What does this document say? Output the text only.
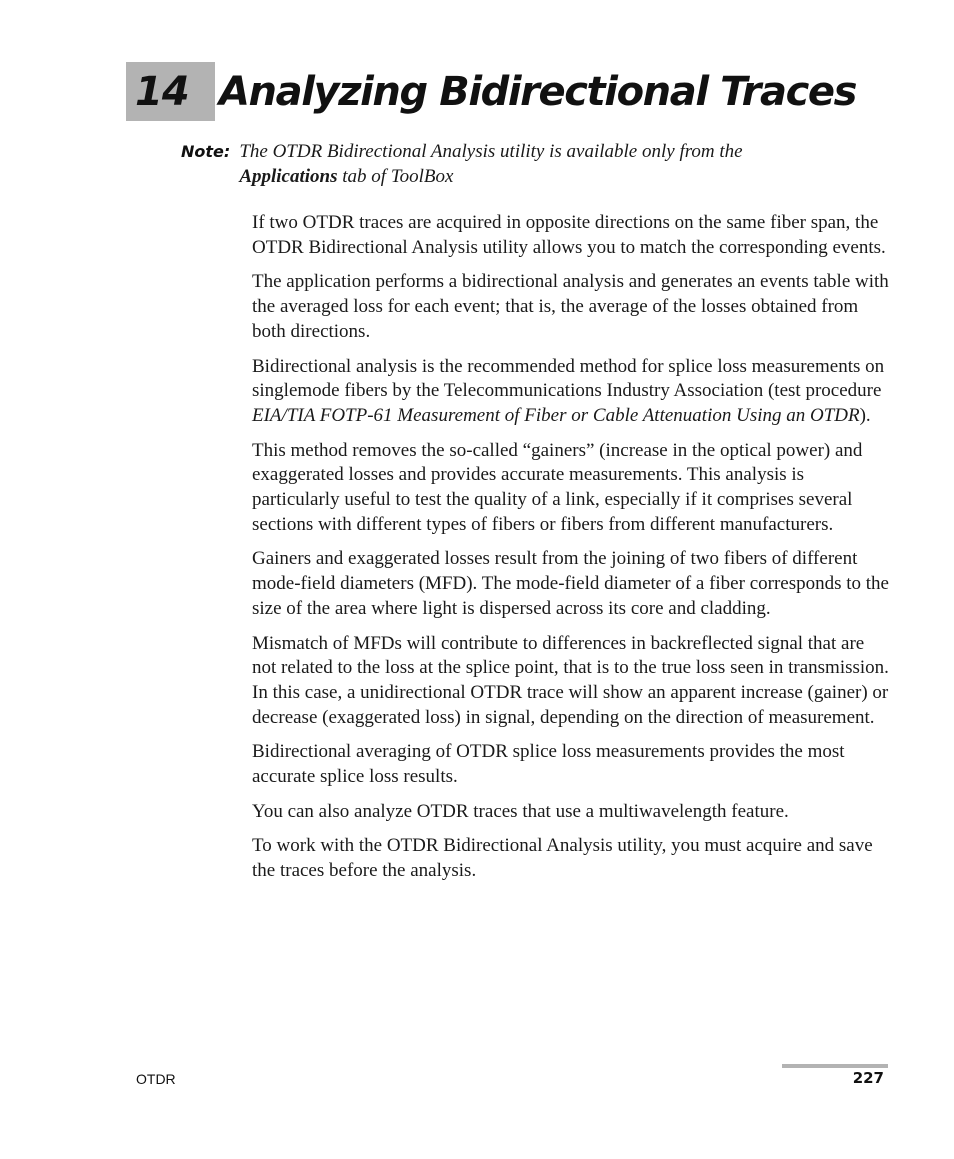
14 Analyzing Bidirectional Traces
Note: The OTDR Bidirectional Analysis utility is available only from the Applications tab of ToolBox

If two OTDR traces are acquired in opposite directions on the same fiber span, the OTDR Bidirectional Analysis utility allows you to match the corresponding events.

The application performs a bidirectional analysis and generates an events table with the averaged loss for each event; that is, the average of the losses obtained from both directions.

Bidirectional analysis is the recommended method for splice loss measurements on singlemode fibers by the Telecommunications Industry Association (test procedure EIA/TIA FOTP-61 Measurement of Fiber or Cable Attenuation Using an OTDR).

This method removes the so-called “gainers” (increase in the optical power) and exaggerated losses and provides accurate measurements. This analysis is particularly useful to test the quality of a link, especially if it comprises several sections with different types of fibers or fibers from different manufacturers.

Gainers and exaggerated losses result from the joining of two fibers of different mode-field diameters (MFD). The mode-field diameter of a fiber corresponds to the size of the area where light is dispersed across its core and cladding.

Mismatch of MFDs will contribute to differences in backreflected signal that are not related to the loss at the splice point, that is to the true loss seen in transmission. In this case, a unidirectional OTDR trace will show an apparent increase (gainer) or decrease (exaggerated loss) in signal, depending on the direction of measurement.

Bidirectional averaging of OTDR splice loss measurements provides the most accurate splice loss results.

You can also analyze OTDR traces that use a multiwavelength feature.

To work with the OTDR Bidirectional Analysis utility, you must acquire and save the traces before the analysis.

OTDR	227
